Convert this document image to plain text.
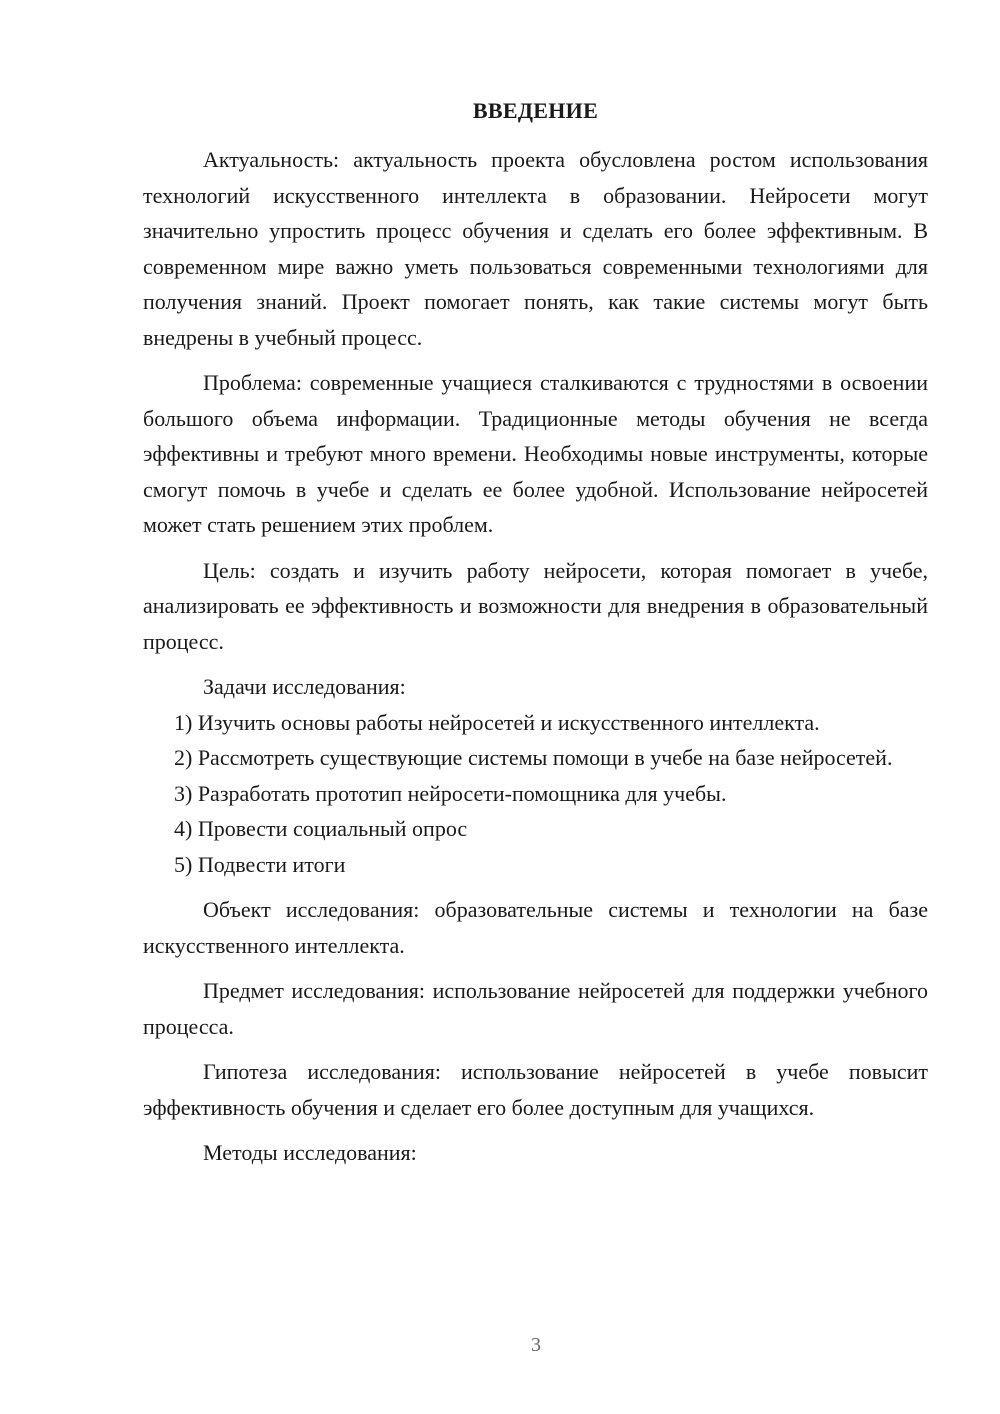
ВВЕДЕНИЕ

Актуальность: актуальность проекта обусловлена ростом использования технологий искусственного интеллекта в образовании. Нейросети могут значительно упростить процесс обучения и сделать его более эффективным. В современном мире важно уметь пользоваться современными технологиями для получения знаний. Проект помогает понять, как такие системы могут быть внедрены в учебный процесс.

Проблема: современные учащиеся сталкиваются с трудностями в освоении большого объема информации. Традиционные методы обучения не всегда эффективны и требуют много времени. Необходимы новые инструменты, которые смогут помочь в учебе и сделать ее более удобной. Использование нейросетей может стать решением этих проблем.

Цель: создать и изучить работу нейросети, которая помогает в учебе, анализировать ее эффективность и возможности для внедрения в образовательный процесс.

Задачи исследования:

1) Изучить основы работы нейросетей и искусственного интеллекта.

2) Рассмотреть существующие системы помощи в учебе на базе нейросетей.

3) Разработать прототип нейросети-помощника для учебы.

4) Провести социальный опрос

5) Подвести итоги

Объект исследования: образовательные системы и технологии на базе искусственного интеллекта.

Предмет исследования: использование нейросетей для поддержки учебного процесса.

Гипотеза исследования: использование нейросетей в учебе повысит эффективность обучения и сделает его более доступным для учащихся.

Методы исследования:

3
